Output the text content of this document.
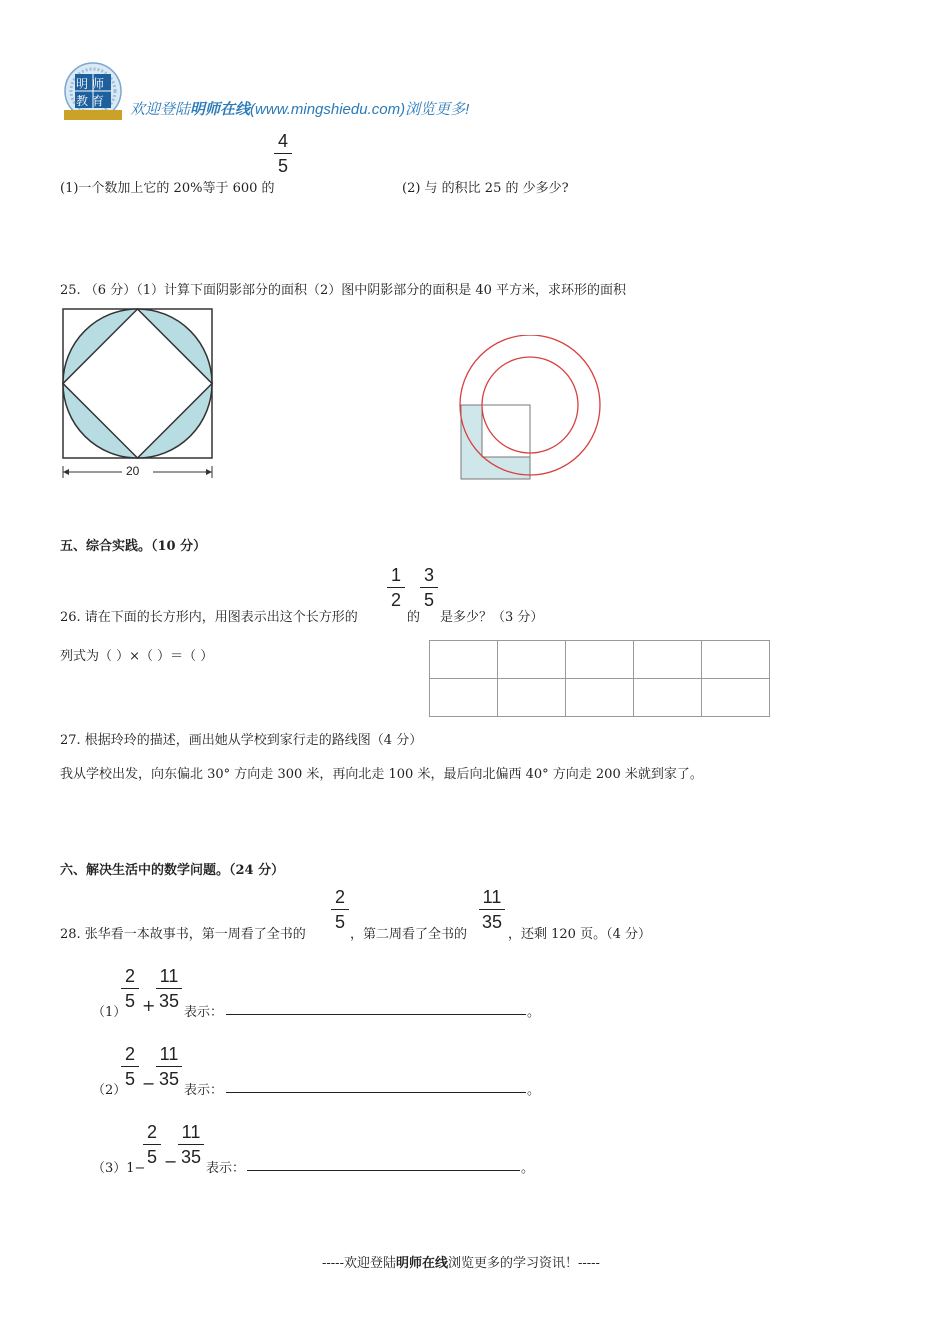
明师
教育 欢迎登陆明师在线(www.mingshiedu.com)浏览更多!
4
5
(1)一个数加上它的 20%等于 600 的	(2) 与 的积比 25 的 少多少?
25. （6 分）（1）计算下面阴影部分的面积（2）图中阴影部分的面积是 40 平方米，求环形的面积
20
五、综合实践。（10 分）
1
2
3
5
26. 请在下面的长方形内，用图表示出这个长方形的	的 是多少？（3 分）
列式为（ ）×（ ）＝（ ）

27. 根据玲玲的描述，画出她从学校到家行走的路线图（4 分）
我从学校出发，向东偏北 30° 方向走 300 米，再向北走 100 米，最后向北偏西 40° 方向走 200 米就到家了。
六、解决生活中的数学问题。（24 分）
2
5
11
35
28. 张华看一本故事书，第一周看了全书的	，第二周看了全书的	，还剩 120 页。（4 分）
（1）
2
5 +
11
35
表示：	。
（2）
2
5 −
11
35
表示：	。
（3）1−
2
5 −
11
35
表示：	。
-----欢迎登陆明师在线浏览更多的学习资讯！-----
